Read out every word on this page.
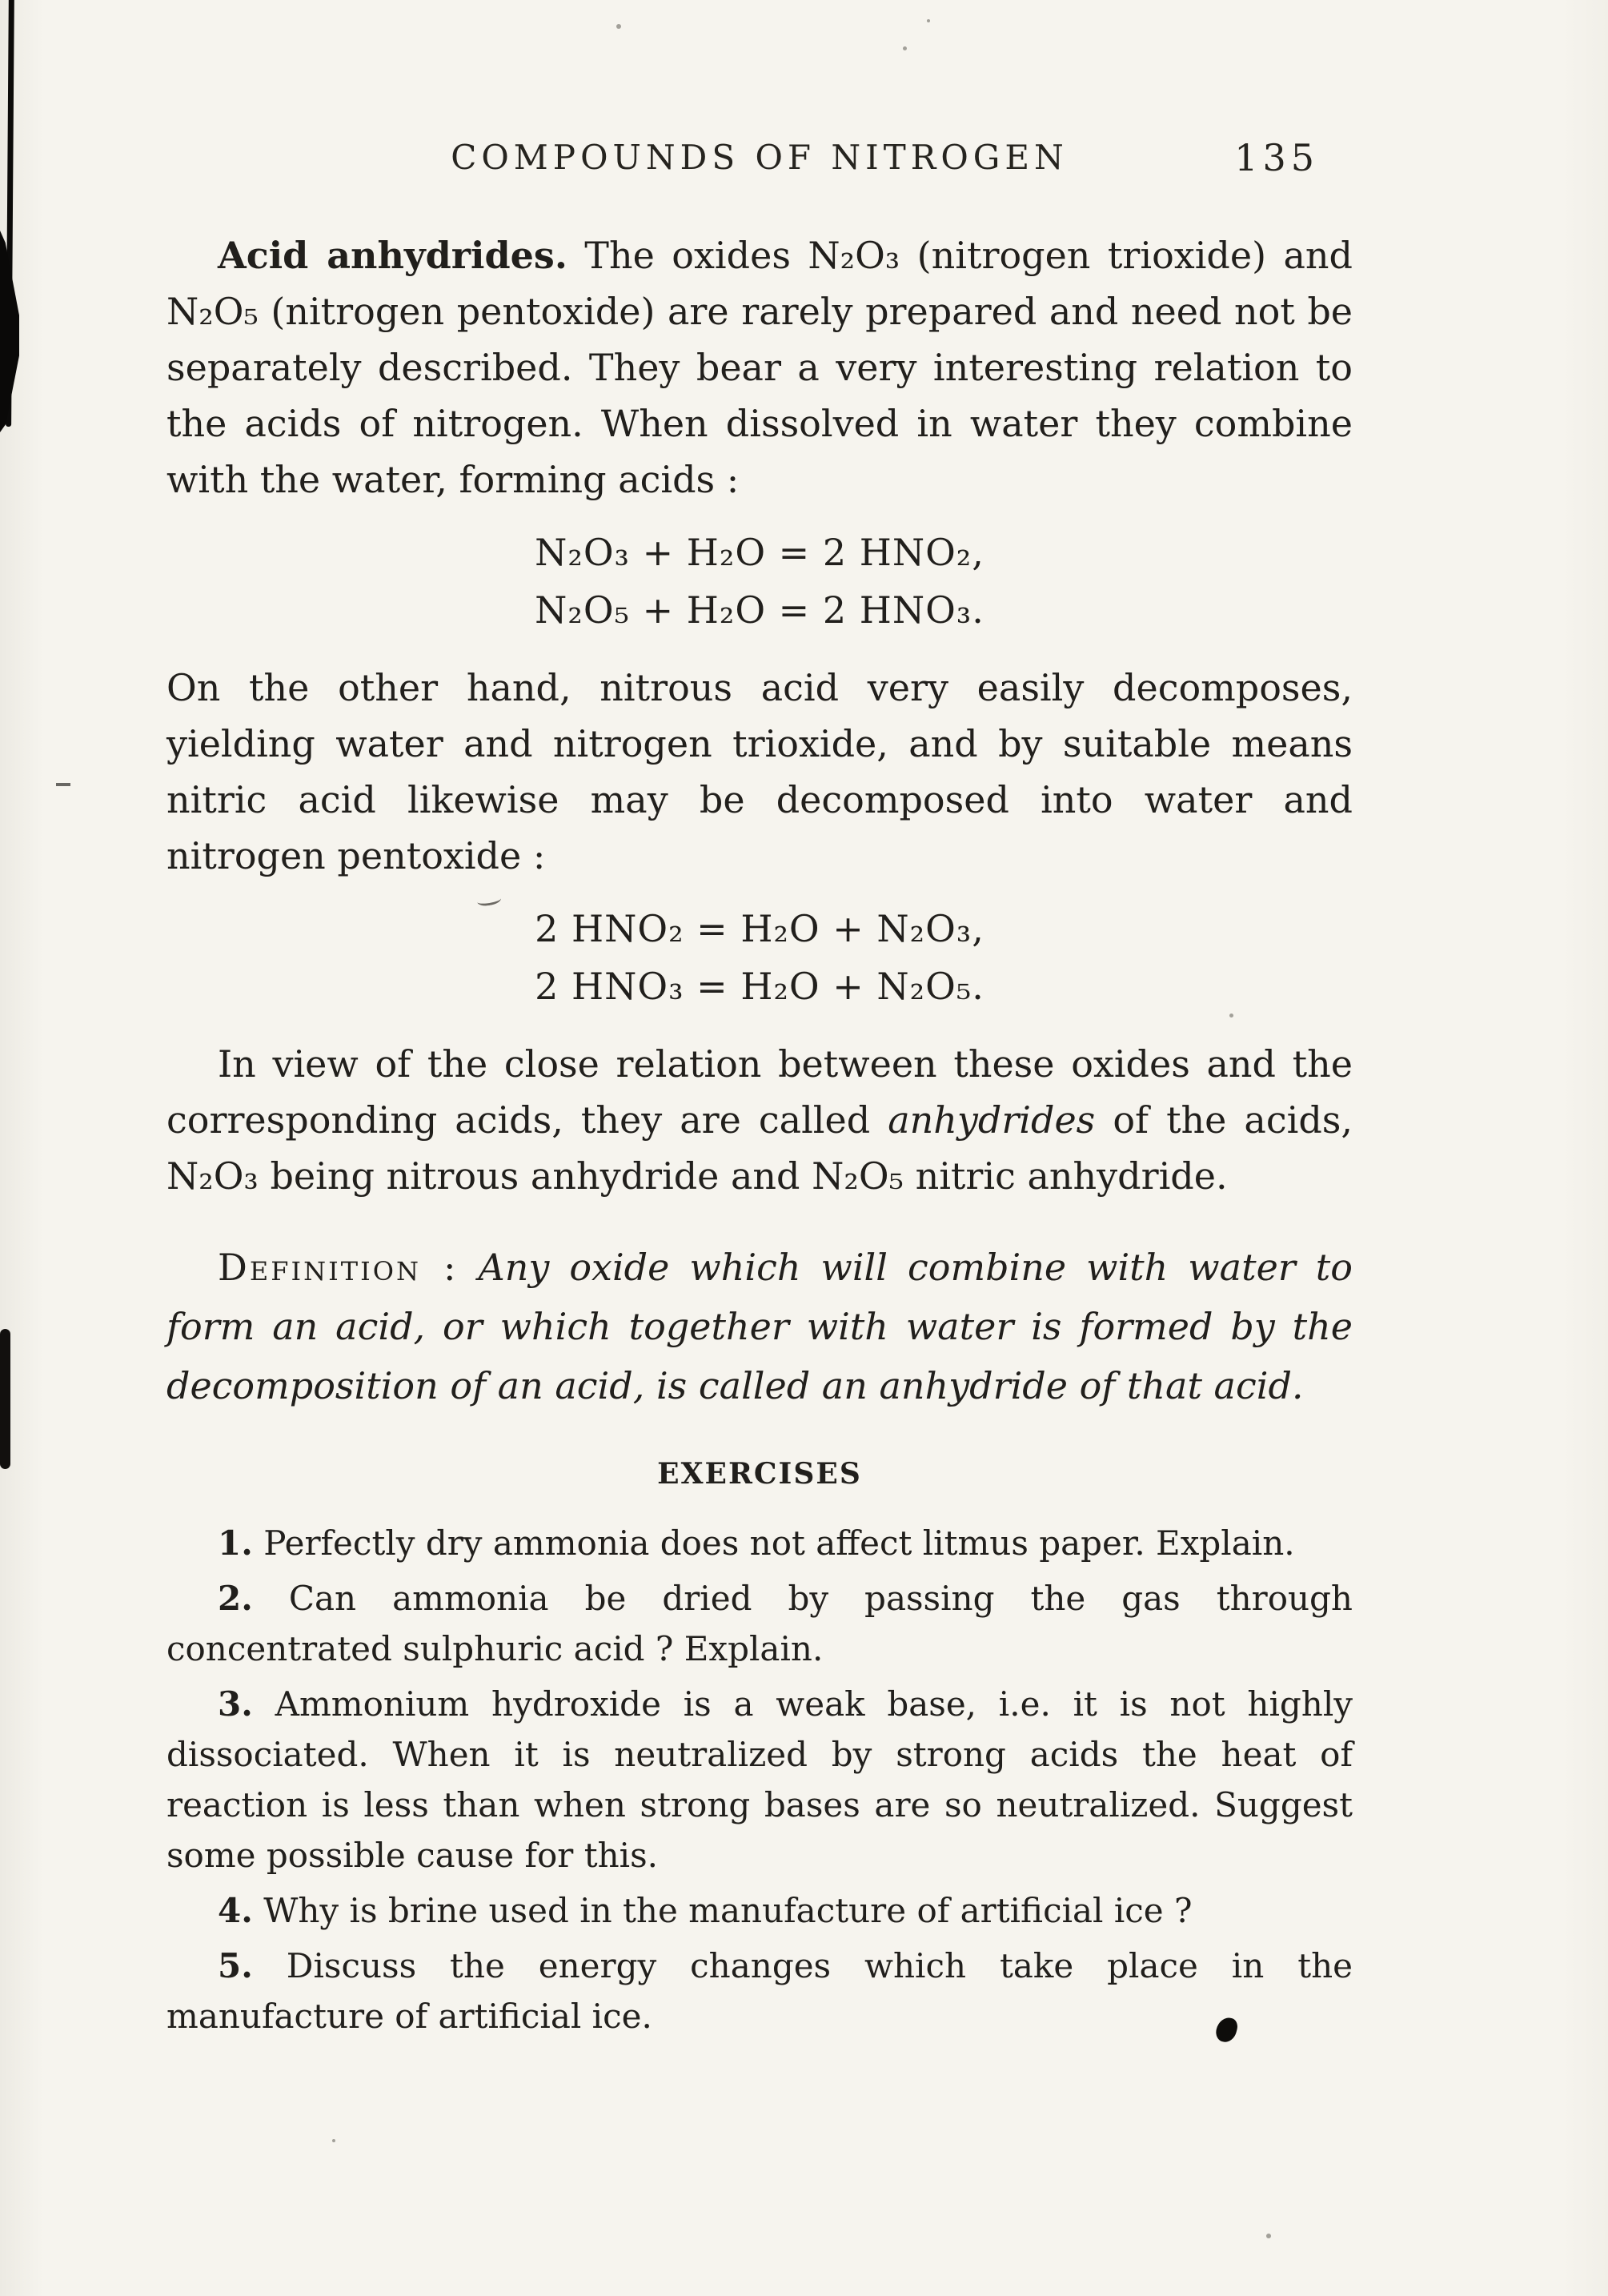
COMPOUNDS OF NITROGEN	135

Acid anhydrides. The oxides N₂O₃ (nitrogen trioxide) and N₂O₅ (nitrogen pentoxide) are rarely prepared and need not be separately described. They bear a very interesting relation to the acids of nitrogen. When dissolved in water they combine with the water, forming acids :

N₂O₃ + H₂O = 2 HNO₂,
N₂O₅ + H₂O = 2 HNO₃.

On the other hand, nitrous acid very easily decomposes, yielding water and nitrogen trioxide, and by suitable means nitric acid likewise may be decomposed into water and nitrogen pentoxide :

2 HNO₂ = H₂O + N₂O₃,
2 HNO₃ = H₂O + N₂O₅.

In view of the close relation between these oxides and the corresponding acids, they are called anhydrides of the acids, N₂O₃ being nitrous anhydride and N₂O₅ nitric anhydride.

Definition : Any oxide which will combine with water to form an acid, or which together with water is formed by the decomposition of an acid, is called an anhydride of that acid.

EXERCISES

1. Perfectly dry ammonia does not affect litmus paper. Explain.

2. Can ammonia be dried by passing the gas through concentrated sulphuric acid ? Explain.

3. Ammonium hydroxide is a weak base, i.e. it is not highly dissociated. When it is neutralized by strong acids the heat of reaction is less than when strong bases are so neutralized. Suggest some possible cause for this.

4. Why is brine used in the manufacture of artificial ice ?

5. Discuss the energy changes which take place in the manufacture of artificial ice.
